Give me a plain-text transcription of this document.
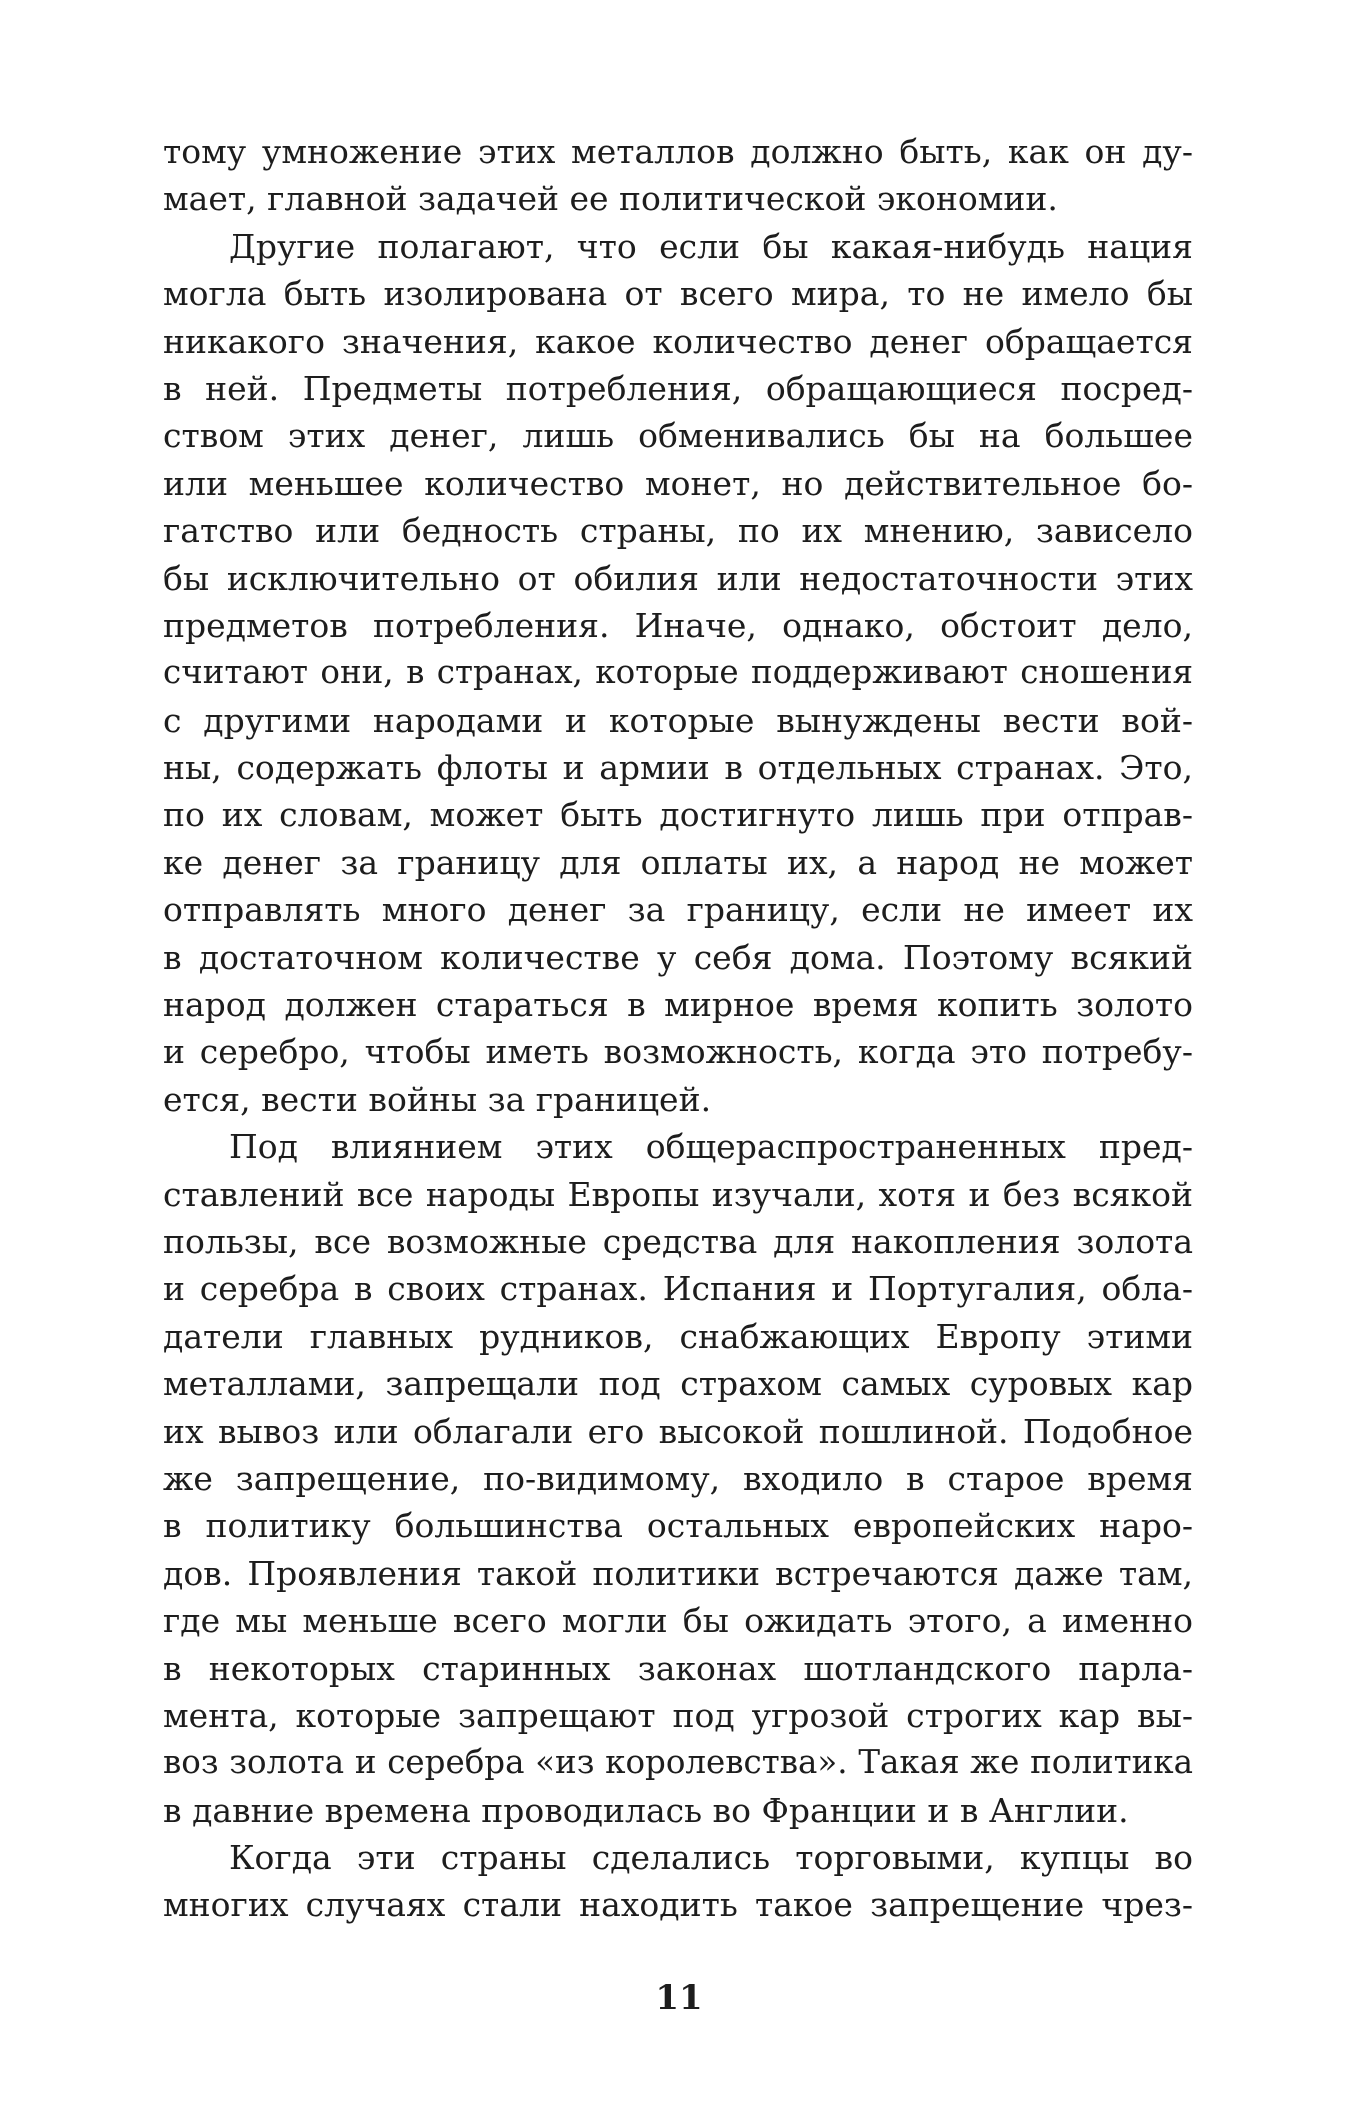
тому умножение этих металлов должно быть, как он ду-
мает, главной задачей ее политической экономии.
Другие полагают, что если бы какая-нибудь нация
могла быть изолирована от всего мира, то не имело бы
никакого значения, какое количество денег обращается
в ней. Предметы потребления, обращающиеся посред-
ством этих денег, лишь обменивались бы на большее
или меньшее количество монет, но действительное бо-
гатство или бедность страны, по их мнению, зависело
бы исключительно от обилия или недостаточности этих
предметов потребления. Иначе, однако, обстоит дело,
считают они, в странах, которые поддерживают сношения
с другими народами и которые вынуждены вести вой-
ны, содержать флоты и армии в отдельных странах. Это,
по их словам, может быть достигнуто лишь при отправ-
ке денег за границу для оплаты их, а народ не может
отправлять много денег за границу, если не имеет их
в достаточном количестве у себя дома. Поэтому всякий
народ должен стараться в мирное время копить золото
и серебро, чтобы иметь возможность, когда это потребу-
ется, вести войны за границей.
Под влиянием этих общераспространенных пред-
ставлений все народы Европы изучали, хотя и без всякой
пользы, все возможные средства для накопления золота
и серебра в своих странах. Испания и Португалия, обла-
датели главных рудников, снабжающих Европу этими
металлами, запрещали под страхом самых суровых кар
их вывоз или облагали его высокой пошлиной. Подобное
же запрещение, по-видимому, входило в старое время
в политику большинства остальных европейских наро-
дов. Проявления такой политики встречаются даже там,
где мы меньше всего могли бы ожидать этого, а именно
в некоторых старинных законах шотландского парла-
мента, которые запрещают под угрозой строгих кар вы-
воз золота и серебра «из королевства». Такая же политика
в давние времена проводилась во Франции и в Англии.
Когда эти страны сделались торговыми, купцы во
многих случаях стали находить такое запрещение чрез-
11
